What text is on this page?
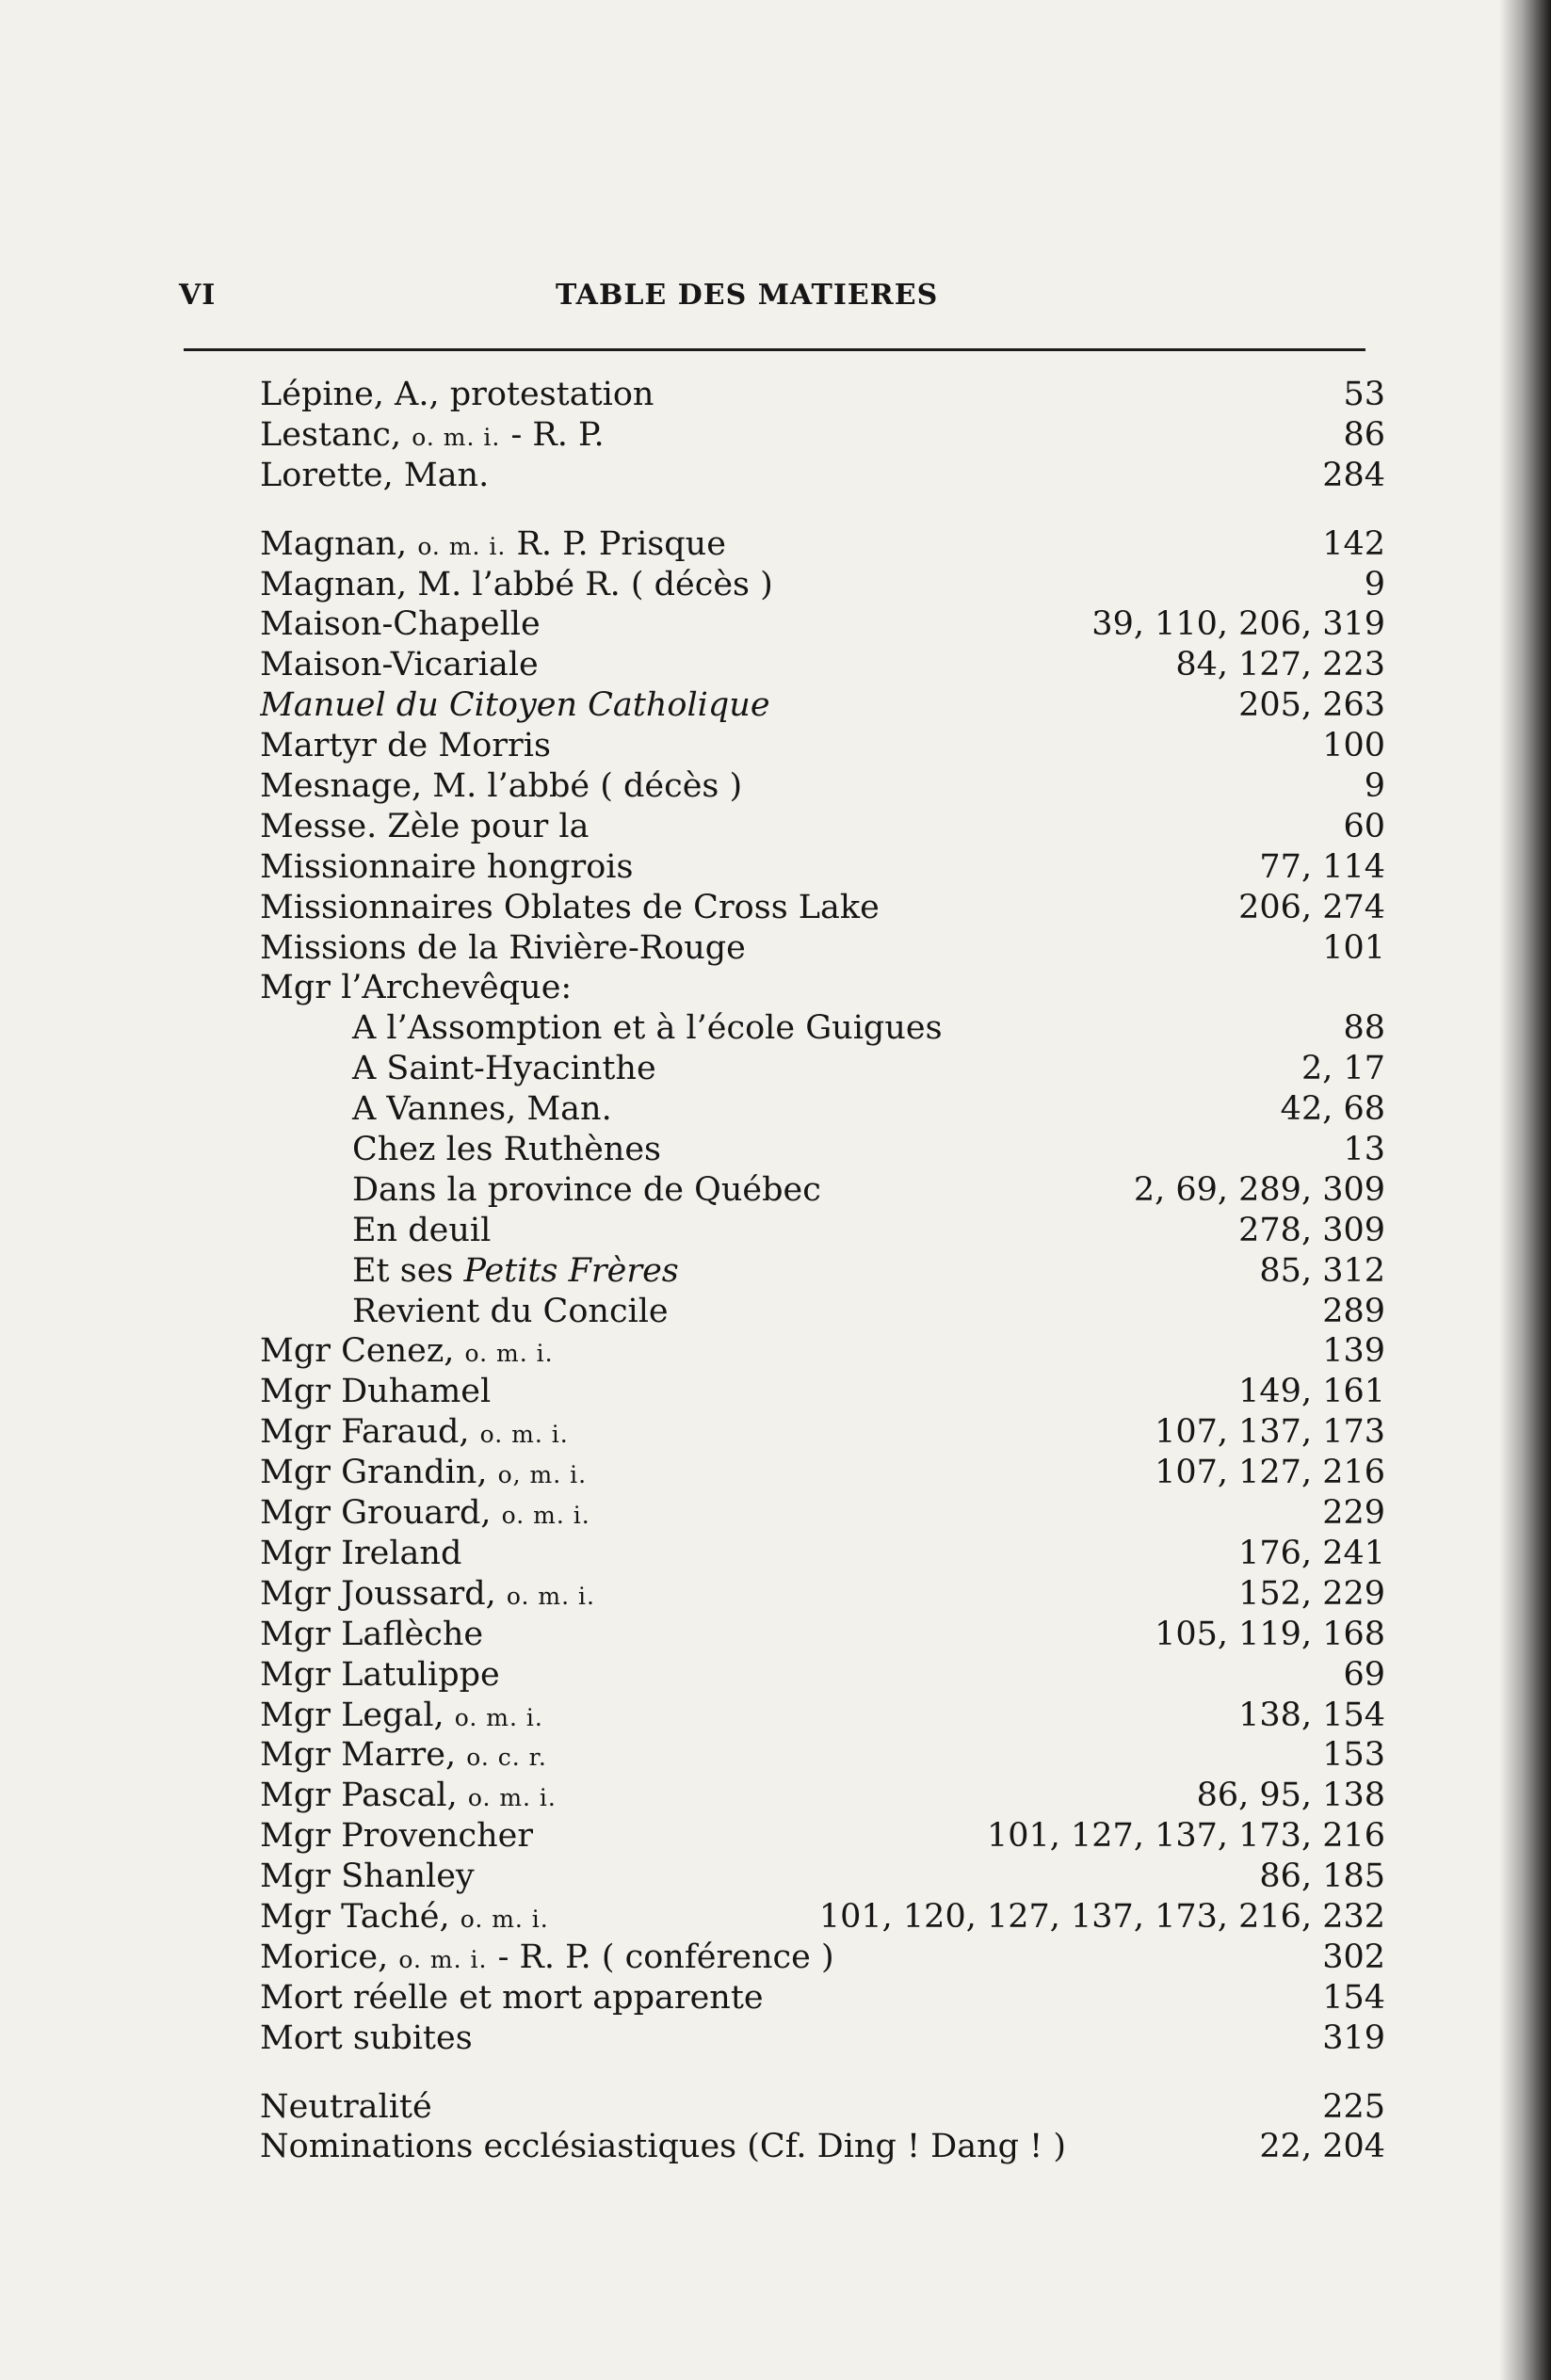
VI	TABLE DES MATIERES
Lépine, A., protestation	53
Lestanc, o. m. i. - R. P.	86
Lorette, Man.	284
Magnan, o. m. i. R. P. Prisque	142
Magnan, M. l’abbé R. ( décès )	9
Maison-Chapelle	39, 110, 206, 319
Maison-Vicariale	84, 127, 223
Manuel du Citoyen Catholique	205, 263
Martyr de Morris	100
Mesnage, M. l’abbé ( décès )	9
Messe. Zèle pour la	60
Missionnaire hongrois	77, 114
Missionnaires Oblates de Cross Lake	206, 274
Missions de la Rivière-Rouge	101
Mgr l’Archevêque:
A l’Assomption et à l’école Guigues	88
A Saint-Hyacinthe	2, 17
A Vannes, Man.	42, 68
Chez les Ruthènes	13
Dans la province de Québec	2, 69, 289, 309
En deuil	278, 309
Et ses Petits Frères	85, 312
Revient du Concile	289
Mgr Cenez, o. m. i.	139
Mgr Duhamel	149, 161
Mgr Faraud, o. m. i.	107, 137, 173
Mgr Grandin, o, m. i.	107, 127, 216
Mgr Grouard, o. m. i.	229
Mgr Ireland	176, 241
Mgr Joussard, o. m. i.	152, 229
Mgr Laflèche	105, 119, 168
Mgr Latulippe	69
Mgr Legal, o. m. i.	138, 154
Mgr Marre, o. c. r.	153
Mgr Pascal, o. m. i.	86, 95, 138
Mgr Provencher	101, 127, 137, 173, 216
Mgr Shanley	86, 185
Mgr Taché, o. m. i.	101, 120, 127, 137, 173, 216, 232
Morice, o. m. i. - R. P. ( conférence )	302
Mort réelle et mort apparente	154
Mort subites	319
Neutralité	225
Nominations ecclésiastiques (Cf. Ding ! Dang ! )	22, 204
